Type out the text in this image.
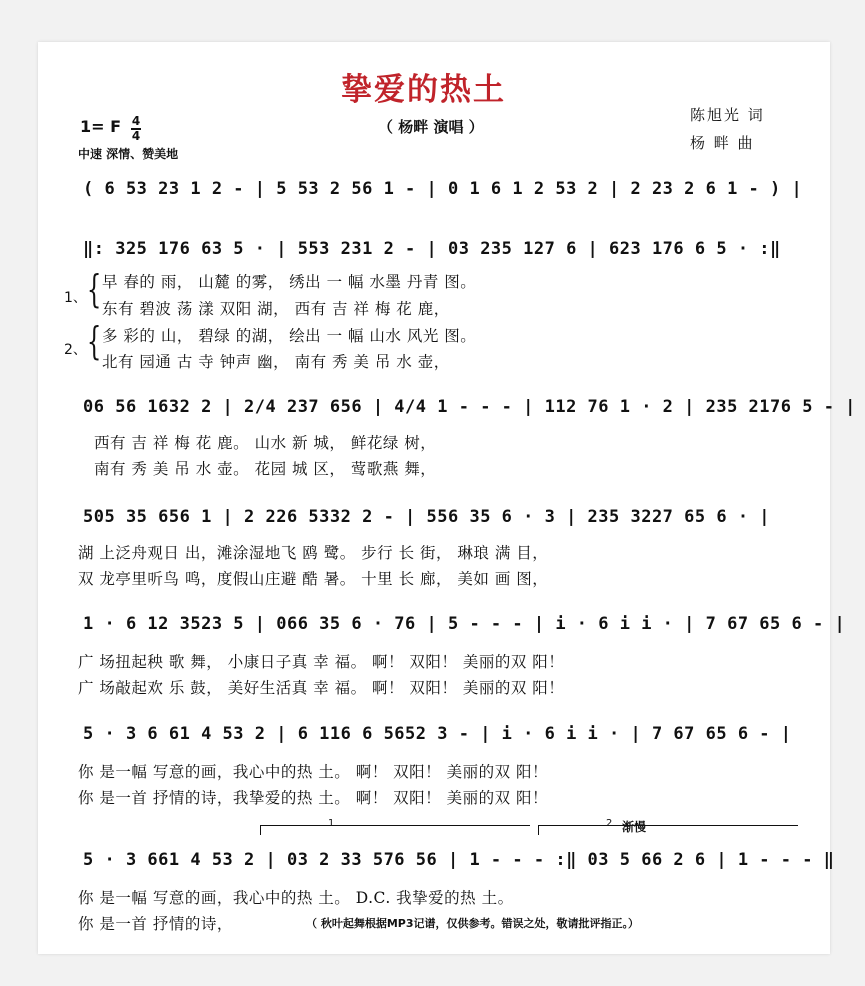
挚爱的热土
（ 杨畔 演唱 ）
陈旭光 词
杨 畔 曲
1= F 4
4
中速 深情、赞美地
( 6 53 23 1 2 - | 5 53 2 56 1 - | 0 1 6 1 2 53 2 | 2 23 2 6 1 - ) |
‖: 325 176 63 5 · | 553 231 2 - | 03 235 127 6 | 623 176 6 5 · :‖
1、 {
2、 {
早 春的 雨， 山麓 的雾， 绣出 一 幅 水墨 丹青 图。
东有 碧波 荡 漾 双阳 湖， 西有 吉 祥 梅 花 鹿，
多 彩的 山， 碧绿 的湖， 绘出 一 幅 山水 风光 图。
北有 园通 古 寺 钟声 幽， 南有 秀 美 吊 水 壶，
06 56 1632 2 | 2/4 237 656 | 4/4 1 - - - | 112 76 1 · 2 | 235 2176 5 - |
西有 吉 祥 梅 花 鹿。 山水 新 城， 鲜花绿 树，
南有 秀 美 吊 水 壶。 花园 城 区， 莺歌燕 舞，
505 35 656 1 | 2 226 5332 2 - | 556 35 6 · 3 | 235 3227 65 6 · |
湖 上泛舟观日 出，滩涂湿地飞 鸥 鹭。 步行 长 街， 琳琅 满 目，
双 龙亭里听鸟 鸣，度假山庄避 酷 暑。 十里 长 廊， 美如 画 图，
1 · 6 12 3523 5 | 066 35 6 · 76 | 5 - - - | i · 6 i i · | 7 67 65 6 - |
广 场扭起秧 歌 舞， 小康日子真 幸 福。 啊！ 双阳！ 美丽的双 阳！
广 场敲起欢 乐 鼓， 美好生活真 幸 福。 啊！ 双阳！ 美丽的双 阳！
5 · 3 6 61 4 53 2 | 6 116 6 5652 3 - | i · 6 i i · | 7 67 65 6 - |
你 是一幅 写意的画，我心中的热 土。 啊！ 双阳！ 美丽的双 阳！
你 是一首 抒情的诗，我挚爱的热 土。 啊！ 双阳！ 美丽的双 阳！
1	2 渐慢
5 · 3 661 4 53 2 | 03 2 33 576 56 | 1 - - - :‖ 03 5 66 2 6 | 1 - - - ‖
你 是一幅 写意的画，我心中的热 土。 D.C. 我挚爱的热 土。
你 是一首 抒情的诗，	（ 秋叶起舞根据MP3记谱，仅供参考。错误之处，敬请批评指正。）
